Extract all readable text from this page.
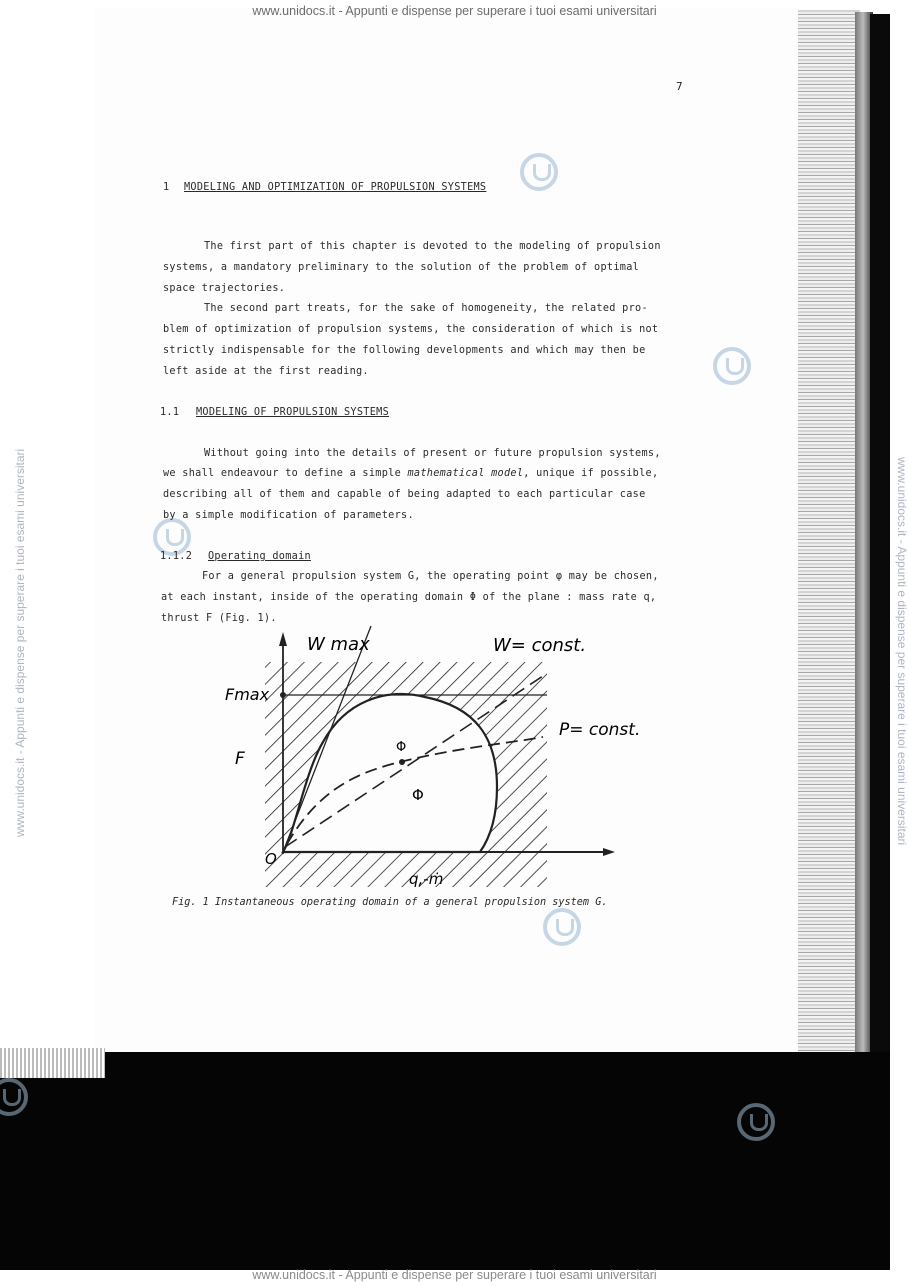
www.unidocs.it - Appunti e dispense per superare i tuoi esami universitari
www.unidocs.it - Appunti e dispense per superare i tuoi esami universitari
www.unidocs.it - Appunti e dispense per superare i tuoi esami universitari	www.unidocs.it - Appunti e dispense per superare i tuoi esami universitari
7
1 MODELING AND OPTIMIZATION OF PROPULSION SYSTEMS
The first part of this chapter is devoted to the modeling of propulsion
systems, a mandatory preliminary to the solution of the problem of optimal
space trajectories.
The second part treats, for the sake of homogeneity, the related pro-
blem of optimization of propulsion systems, the consideration of which is not
strictly indispensable for the following developments and which may then be
left aside at the first reading.
1.1 MODELING OF PROPULSION SYSTEMS
Without going into the details of present or future propulsion systems,
we shall endeavour to define a simple mathematical model, unique if possible,
describing all of them and capable of being adapted to each particular case
by a simple modification of parameters.
1.1.2 Operating domain
For a general propulsion system G, the operating point φ may be chosen,
at each instant, inside of the operating domain Φ of the plane : mass rate q,
thrust F (Fig. 1).
W max	W= const.
Fmax
P= const.
F
Φ
Φ
O
q,-ṁ
Fig. 1 Instantaneous operating domain of a general propulsion system G.
